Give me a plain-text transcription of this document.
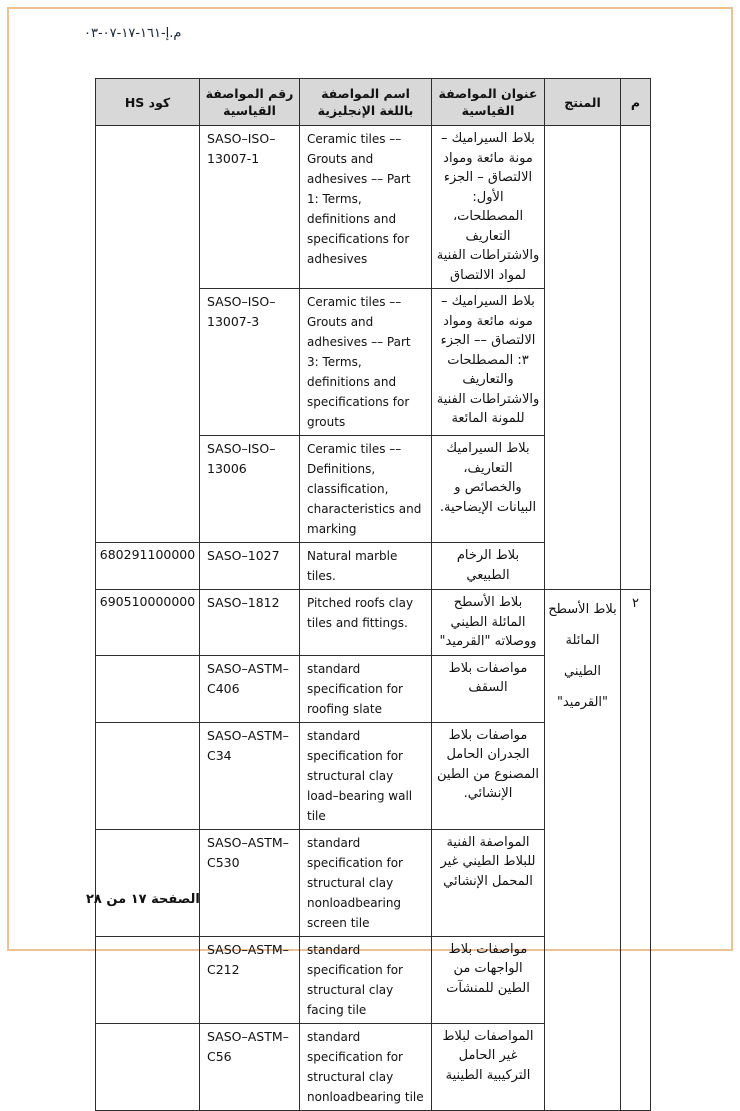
م.إ-١٦١-١٧-٠٧-٠٣
م	المنتج	عنوان المواصفة القياسية	اسم المواصفة باللغة الإنجليزية	رقم المواصفة القياسية	كود HS
		بلاط السيراميك – مونة مائعة ومواد الالتصاق – الجزء الأول: المصطلحات، التعاريف والاشتراطات الفنية لمواد الالتصاق	Ceramic tiles –– Grouts and adhesives –– Part 1: Terms, definitions and specifications for adhesives	SASO–ISO–13007-1	
		بلاط السيراميك – مونه مائعة ومواد الالتصاق –– الجزء ٣: المصطلحات والتعاريف والاشتراطات الفنية للمونة المائعة	Ceramic tiles –– Grouts and adhesives –– Part 3: Terms, definitions and specifications for grouts	SASO–ISO–13007-3	
		بلاط السيراميك التعاريف، والخصائص و البيانات الإيضاحية.	Ceramic tiles –– Definitions, classification, characteristics and marking	SASO–ISO–13006	
		بلاط الرخام الطبيعي	Natural marble tiles.	SASO–1027	680291100000
٢	بلاط الأسطح المائلة الطيني "القرميد"	بلاط الأسطح المائلة الطيني ووصلاته "القرميد"	Pitched roofs clay tiles and fittings.	SASO–1812	690510000000
		مواصفات بلاط السقف	standard specification for roofing slate	SASO–ASTM–C406	
		مواصفات بلاط الجدران الحامل المصنوع من الطين الإنشائي.	standard specification for structural clay load–bearing wall tile	SASO–ASTM–C34	
		المواصفة الفنية للبلاط الطيني غير المحمل الإنشائي	standard specification for structural clay nonloadbearing screen tile	SASO–ASTM–C530	
		مواصفات بلاط الواجهات من الطين للمنشآت	standard specification for structural clay facing tile	SASO–ASTM–C212	
		المواصفات لبلاط غير الحامل التركيبية الطينية	standard specification for structural clay nonloadbearing tile	SASO–ASTM–C56	
الصفحة ١٧ من ٢٨
